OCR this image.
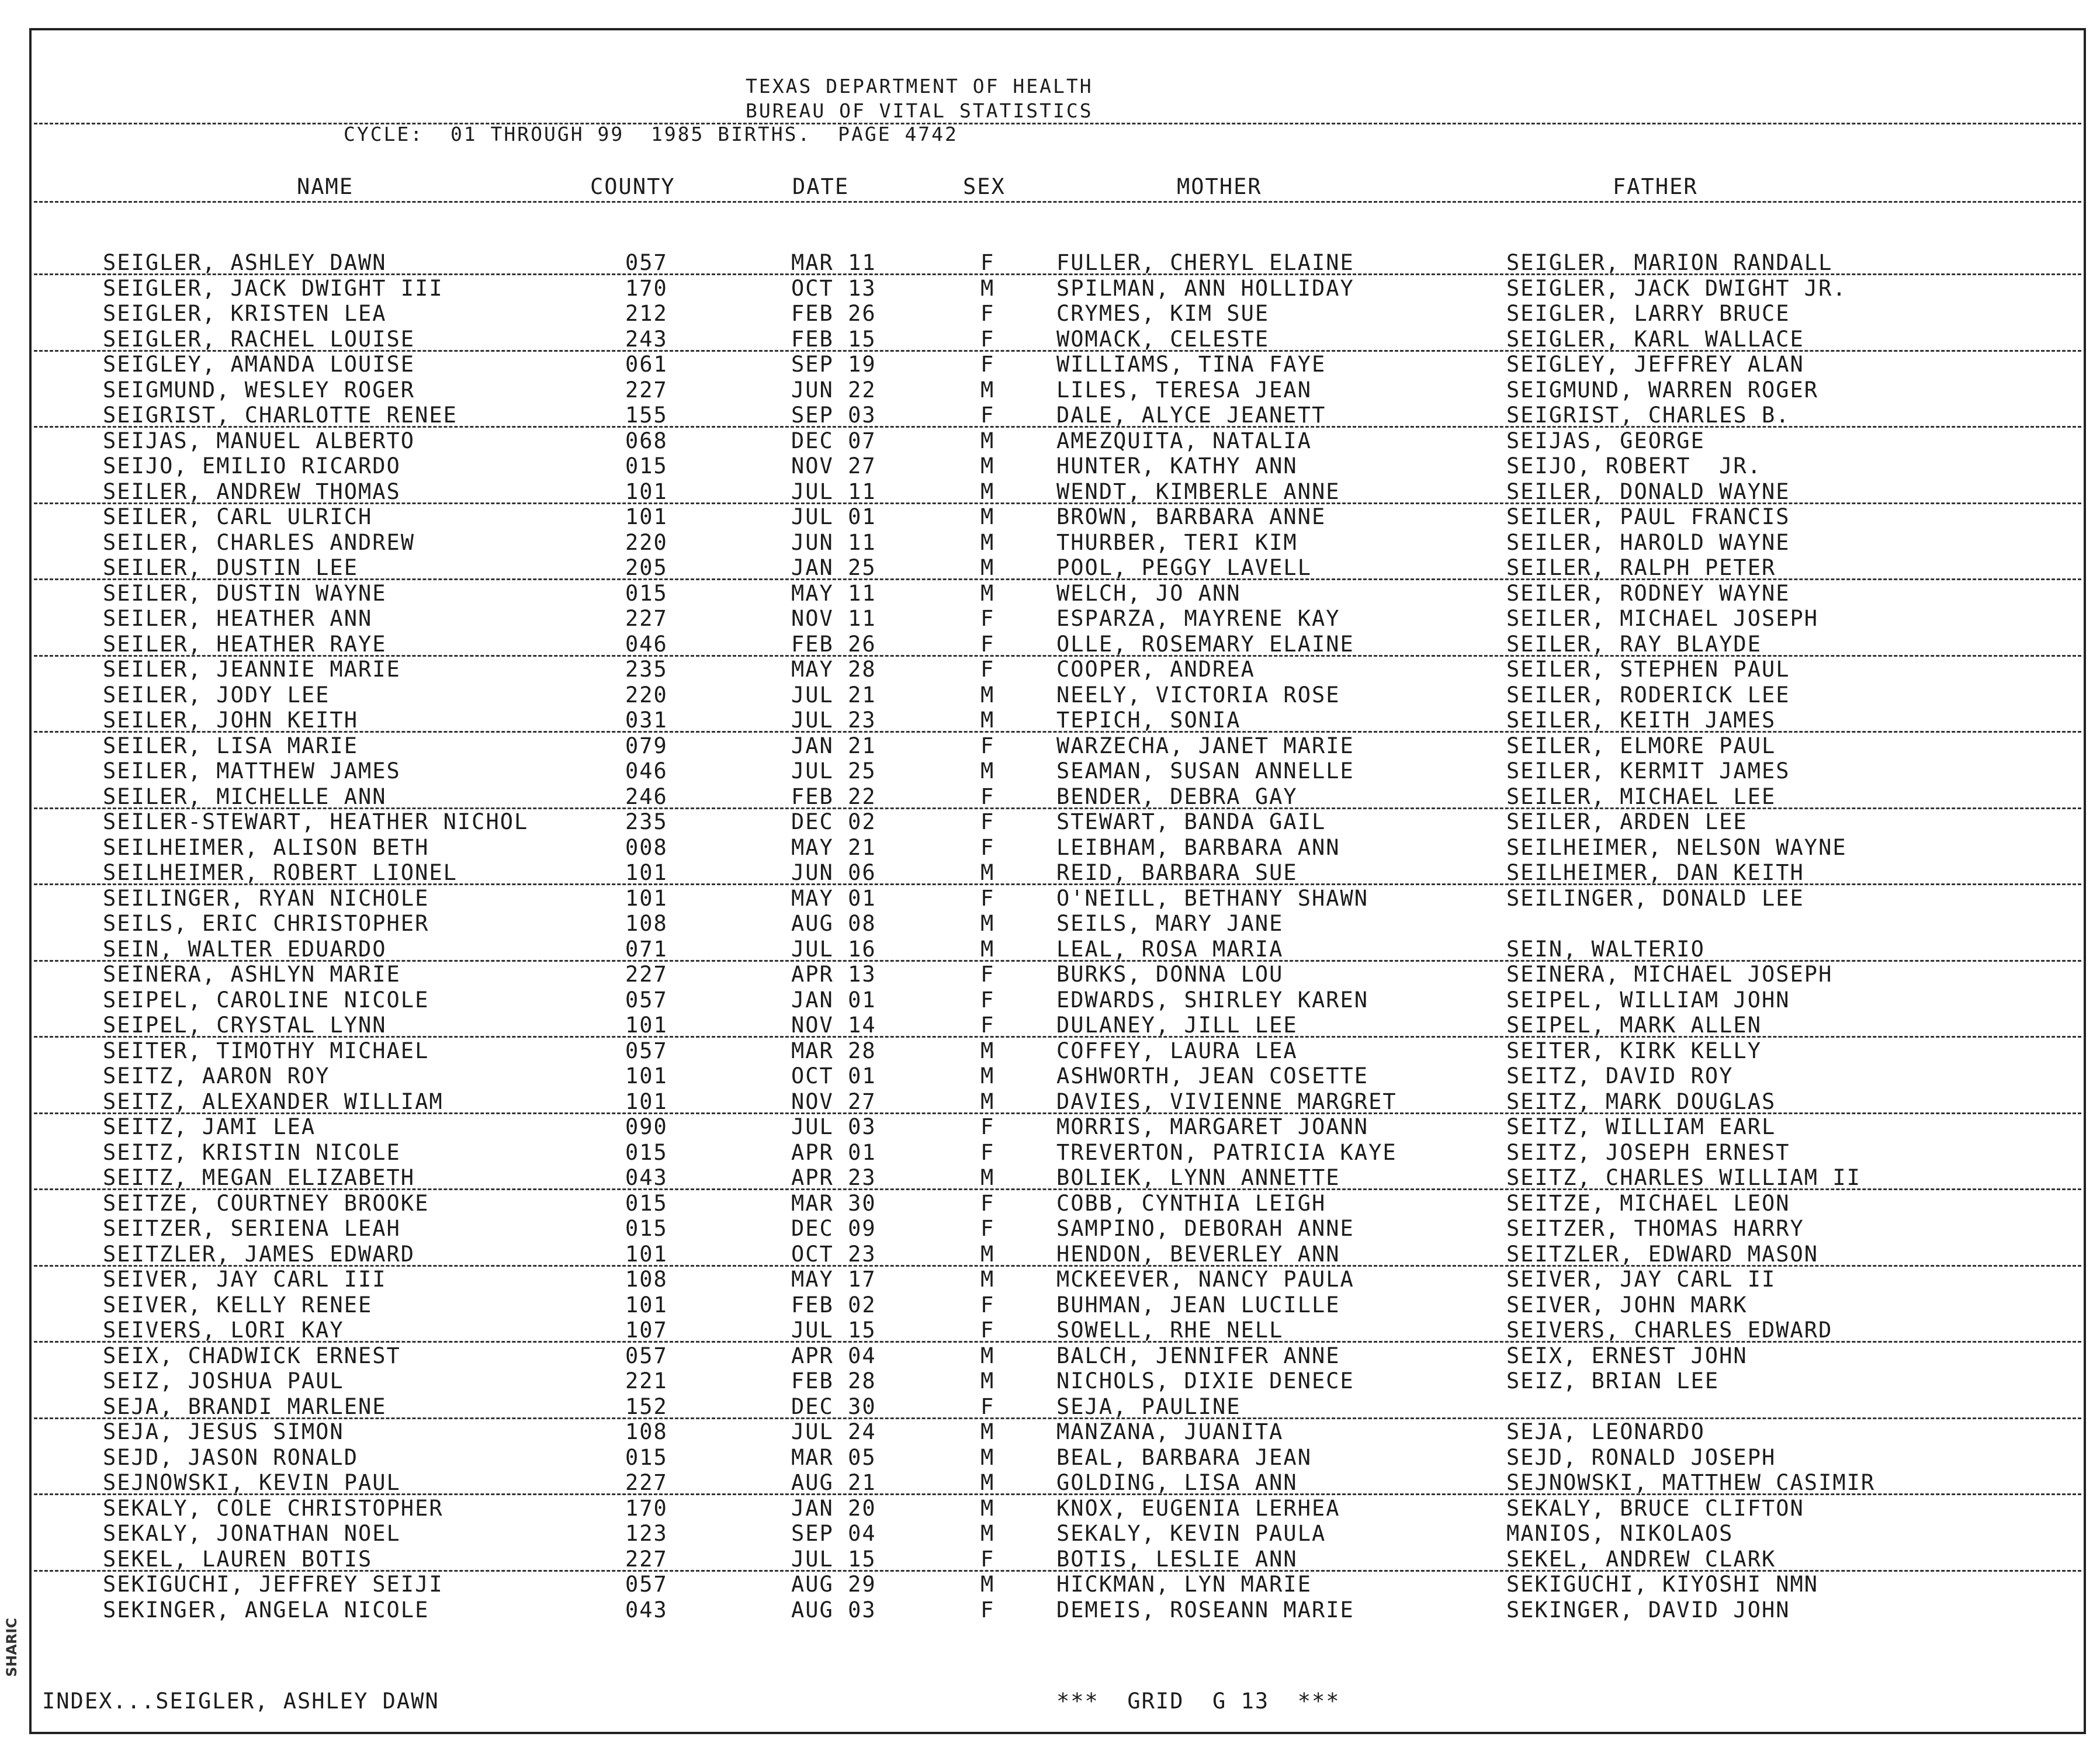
TEXAS DEPARTMENT OF HEALTH
BUREAU OF VITAL STATISTICS
CYCLE:  01 THROUGH 99  1985 BIRTHS.  PAGE 4742
NAME	COUNTY	DATE	SEX	MOTHER	FATHER
SEIGLER, ASHLEY DAWN	057	MAR 11	F	FULLER, CHERYL ELAINE	SEIGLER, MARION RANDALL
SEIGLER, JACK DWIGHT III	170	OCT 13	M	SPILMAN, ANN HOLLIDAY	SEIGLER, JACK DWIGHT JR.
SEIGLER, KRISTEN LEA	212	FEB 26	F	CRYMES, KIM SUE	SEIGLER, LARRY BRUCE
SEIGLER, RACHEL LOUISE	243	FEB 15	F	WOMACK, CELESTE	SEIGLER, KARL WALLACE
SEIGLEY, AMANDA LOUISE	061	SEP 19	F	WILLIAMS, TINA FAYE	SEIGLEY, JEFFREY ALAN
SEIGMUND, WESLEY ROGER	227	JUN 22	M	LILES, TERESA JEAN	SEIGMUND, WARREN ROGER
SEIGRIST, CHARLOTTE RENEE	155	SEP 03	F	DALE, ALYCE JEANETT	SEIGRIST, CHARLES B.
SEIJAS, MANUEL ALBERTO	068	DEC 07	M	AMEZQUITA, NATALIA	SEIJAS, GEORGE
SEIJO, EMILIO RICARDO	015	NOV 27	M	HUNTER, KATHY ANN	SEIJO, ROBERT  JR.
SEILER, ANDREW THOMAS	101	JUL 11	M	WENDT, KIMBERLE ANNE	SEILER, DONALD WAYNE
SEILER, CARL ULRICH	101	JUL 01	M	BROWN, BARBARA ANNE	SEILER, PAUL FRANCIS
SEILER, CHARLES ANDREW	220	JUN 11	M	THURBER, TERI KIM	SEILER, HAROLD WAYNE
SEILER, DUSTIN LEE	205	JAN 25	M	POOL, PEGGY LAVELL	SEILER, RALPH PETER
SEILER, DUSTIN WAYNE	015	MAY 11	M	WELCH, JO ANN	SEILER, RODNEY WAYNE
SEILER, HEATHER ANN	227	NOV 11	F	ESPARZA, MAYRENE KAY	SEILER, MICHAEL JOSEPH
SEILER, HEATHER RAYE	046	FEB 26	F	OLLE, ROSEMARY ELAINE	SEILER, RAY BLAYDE
SEILER, JEANNIE MARIE	235	MAY 28	F	COOPER, ANDREA	SEILER, STEPHEN PAUL
SEILER, JODY LEE	220	JUL 21	M	NEELY, VICTORIA ROSE	SEILER, RODERICK LEE
SEILER, JOHN KEITH	031	JUL 23	M	TEPICH, SONIA	SEILER, KEITH JAMES
SEILER, LISA MARIE	079	JAN 21	F	WARZECHA, JANET MARIE	SEILER, ELMORE PAUL
SEILER, MATTHEW JAMES	046	JUL 25	M	SEAMAN, SUSAN ANNELLE	SEILER, KERMIT JAMES
SEILER, MICHELLE ANN	246	FEB 22	F	BENDER, DEBRA GAY	SEILER, MICHAEL LEE
SEILER-STEWART, HEATHER NICHOL	235	DEC 02	F	STEWART, BANDA GAIL	SEILER, ARDEN LEE
SEILHEIMER, ALISON BETH	008	MAY 21	F	LEIBHAM, BARBARA ANN	SEILHEIMER, NELSON WAYNE
SEILHEIMER, ROBERT LIONEL	101	JUN 06	M	REID, BARBARA SUE	SEILHEIMER, DAN KEITH
SEILINGER, RYAN NICHOLE	101	MAY 01	F	O'NEILL, BETHANY SHAWN	SEILINGER, DONALD LEE
SEILS, ERIC CHRISTOPHER	108	AUG 08	M	SEILS, MARY JANE
SEIN, WALTER EDUARDO	071	JUL 16	M	LEAL, ROSA MARIA	SEIN, WALTERIO
SEINERA, ASHLYN MARIE	227	APR 13	F	BURKS, DONNA LOU	SEINERA, MICHAEL JOSEPH
SEIPEL, CAROLINE NICOLE	057	JAN 01	F	EDWARDS, SHIRLEY KAREN	SEIPEL, WILLIAM JOHN
SEIPEL, CRYSTAL LYNN	101	NOV 14	F	DULANEY, JILL LEE	SEIPEL, MARK ALLEN
SEITER, TIMOTHY MICHAEL	057	MAR 28	M	COFFEY, LAURA LEA	SEITER, KIRK KELLY
SEITZ, AARON ROY	101	OCT 01	M	ASHWORTH, JEAN COSETTE	SEITZ, DAVID ROY
SEITZ, ALEXANDER WILLIAM	101	NOV 27	M	DAVIES, VIVIENNE MARGRET	SEITZ, MARK DOUGLAS
SEITZ, JAMI LEA	090	JUL 03	F	MORRIS, MARGARET JOANN	SEITZ, WILLIAM EARL
SEITZ, KRISTIN NICOLE	015	APR 01	F	TREVERTON, PATRICIA KAYE	SEITZ, JOSEPH ERNEST
SEITZ, MEGAN ELIZABETH	043	APR 23	M	BOLIEK, LYNN ANNETTE	SEITZ, CHARLES WILLIAM II
SEITZE, COURTNEY BROOKE	015	MAR 30	F	COBB, CYNTHIA LEIGH	SEITZE, MICHAEL LEON
SEITZER, SERIENA LEAH	015	DEC 09	F	SAMPINO, DEBORAH ANNE	SEITZER, THOMAS HARRY
SEITZLER, JAMES EDWARD	101	OCT 23	M	HENDON, BEVERLEY ANN	SEITZLER, EDWARD MASON
SEIVER, JAY CARL III	108	MAY 17	M	MCKEEVER, NANCY PAULA	SEIVER, JAY CARL II
SEIVER, KELLY RENEE	101	FEB 02	F	BUHMAN, JEAN LUCILLE	SEIVER, JOHN MARK
SEIVERS, LORI KAY	107	JUL 15	F	SOWELL, RHE NELL	SEIVERS, CHARLES EDWARD
SEIX, CHADWICK ERNEST	057	APR 04	M	BALCH, JENNIFER ANNE	SEIX, ERNEST JOHN
SEIZ, JOSHUA PAUL	221	FEB 28	M	NICHOLS, DIXIE DENECE	SEIZ, BRIAN LEE
SEJA, BRANDI MARLENE	152	DEC 30	F	SEJA, PAULINE
SEJA, JESUS SIMON	108	JUL 24	M	MANZANA, JUANITA	SEJA, LEONARDO
SEJD, JASON RONALD	015	MAR 05	M	BEAL, BARBARA JEAN	SEJD, RONALD JOSEPH
SEJNOWSKI, KEVIN PAUL	227	AUG 21	M	GOLDING, LISA ANN	SEJNOWSKI, MATTHEW CASIMIR
SEKALY, COLE CHRISTOPHER	170	JAN 20	M	KNOX, EUGENIA LERHEA	SEKALY, BRUCE CLIFTON
SEKALY, JONATHAN NOEL	123	SEP 04	M	SEKALY, KEVIN PAULA	MANIOS, NIKOLAOS
SEKEL, LAUREN BOTIS	227	JUL 15	F	BOTIS, LESLIE ANN	SEKEL, ANDREW CLARK
SEKIGUCHI, JEFFREY SEIJI	057	AUG 29	M	HICKMAN, LYN MARIE	SEKIGUCHI, KIYOSHI NMN
SEKINGER, ANGELA NICOLE	043	AUG 03	F	DEMEIS, ROSEANN MARIE	SEKINGER, DAVID JOHN
INDEX...SEIGLER, ASHLEY DAWN	***  GRID  G 13  ***
SHARIC
